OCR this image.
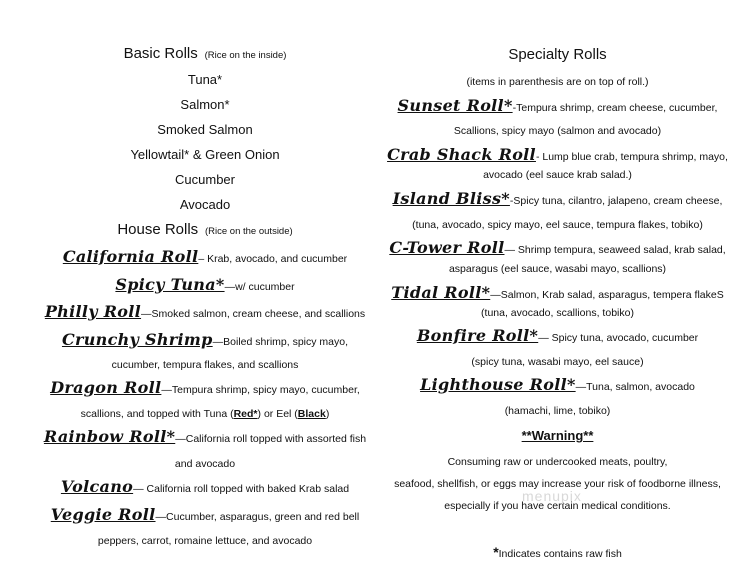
Basic Rolls (Rice on the inside)
Tuna*
Salmon*
Smoked Salmon
Yellowtail* & Green Onion
Cucumber
Avocado
House Rolls (Rice on the outside)
California Roll– Krab, avocado, and cucumber
Spicy Tuna*—w/ cucumber
Philly Roll—Smoked salmon, cream cheese, and scallions
Crunchy Shrimp—Boiled shrimp, spicy mayo,
cucumber, tempura flakes, and scallions
Dragon Roll—Tempura shrimp, spicy mayo, cucumber,
scallions, and topped with Tuna (Red*) or Eel (Black)
Rainbow Roll*—California roll topped with assorted fish
and avocado
Volcano— California roll topped with baked Krab salad
Veggie Roll—Cucumber, asparagus, green and red bell
peppers, carrot, romaine lettuce, and avocado
Specialty Rolls
(items in parenthesis are on top of roll.)
Sunset Roll*-Tempura shrimp, cream cheese, cucumber,
Scallions, spicy mayo (salmon and avocado)
Crab Shack Roll- Lump blue crab, tempura shrimp, mayo,
avocado (eel sauce krab salad.)
Island Bliss*-Spicy tuna, cilantro, jalapeno, cream cheese,
(tuna, avocado, spicy mayo, eel sauce, tempura flakes, tobiko)
C-Tower Roll— Shrimp tempura, seaweed salad, krab salad,
asparagus (eel sauce, wasabi mayo, scallions)
Tidal Roll*—Salmon, Krab salad, asparagus, tempera flakeS
(tuna, avocado, scallions, tobiko)
Bonfire Roll*— Spicy tuna, avocado, cucumber
(spicy tuna, wasabi mayo, eel sauce)
Lighthouse Roll*—Tuna, salmon, avocado
(hamachi, lime, tobiko)
**Warning**
Consuming raw or undercooked meats, poultry,
seafood, shellfish, or eggs may increase your risk of foodborne illness,
especially if you have certain medical conditions.
*Indicates contains raw fish
menupix
